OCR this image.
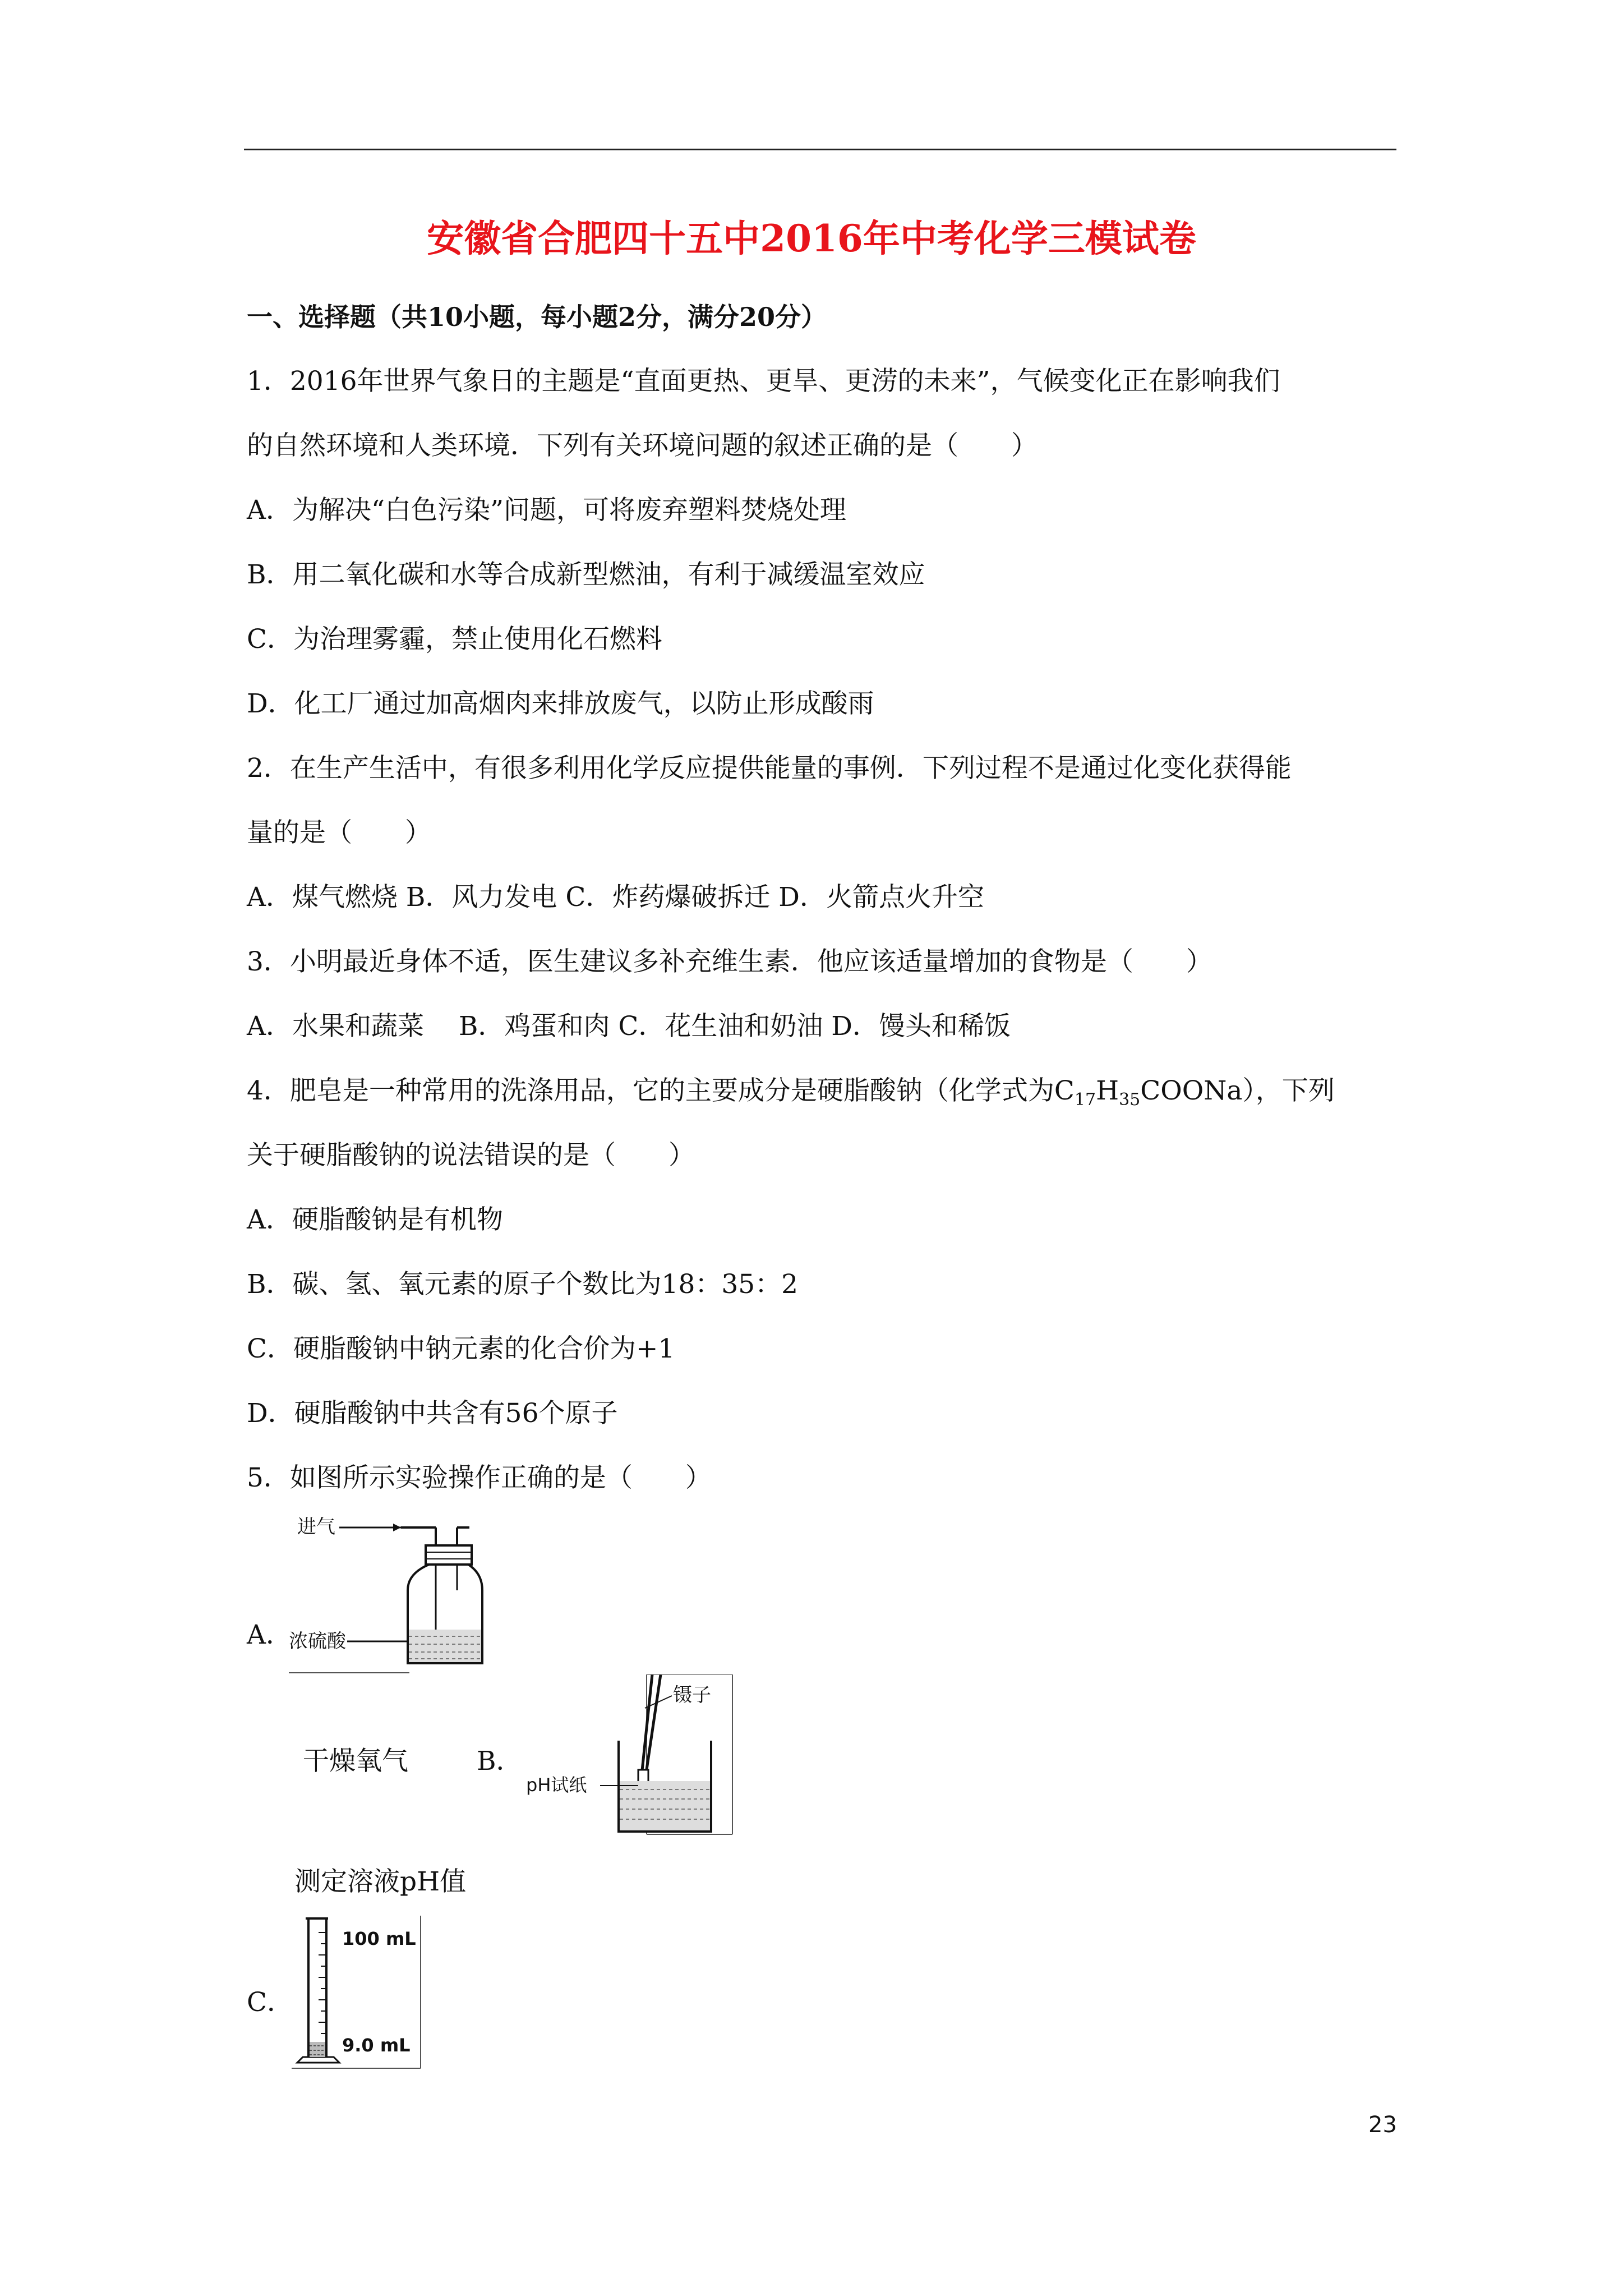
安徽省合肥四十五中2016年中考化学三模试卷
一、选择题（共10小题，每小题2分，满分20分）
1．2016年世界气象日的主题是“直面更热、更旱、更涝的未来”，气候变化正在影响我们
的自然环境和人类环境．下列有关环境问题的叙述正确的是（　　）
A．为解决“白色污染”问题，可将废弃塑料焚烧处理
B．用二氧化碳和水等合成新型燃油，有利于减缓温室效应
C．为治理雾霾，禁止使用化石燃料
D．化工厂通过加高烟肉来排放废气，以防止形成酸雨
2．在生产生活中，有很多利用化学反应提供能量的事例．下列过程不是通过化变化获得能
量的是（　　）
A．煤气燃烧 B．风力发电 C．炸药爆破拆迁 D．火箭点火升空
3．小明最近身体不适，医生建议多补充维生素．他应该适量增加的食物是（　　）
A．水果和蔬菜　 B．鸡蛋和肉 C．花生油和奶油 D．馒头和稀饭
4．肥皂是一种常用的洗涤用品，它的主要成分是硬脂酸钠（化学式为$C_{17}H_{35}COONa$），下列
关于硬脂酸钠的说法错误的是（　　）
A．硬脂酸钠是有机物
B．碳、氢、氧元素的原子个数比为18：35：2
C．硬脂酸钠中钠元素的化合价为+1
D．硬脂酸钠中共含有56个原子
5．如图所示实验操作正确的是（　　）
A．
进气
浓硫酸
干燥氧气	B．
镊子
pH试纸
测定溶液pH值
C．
100 mL
9.0 mL
23
